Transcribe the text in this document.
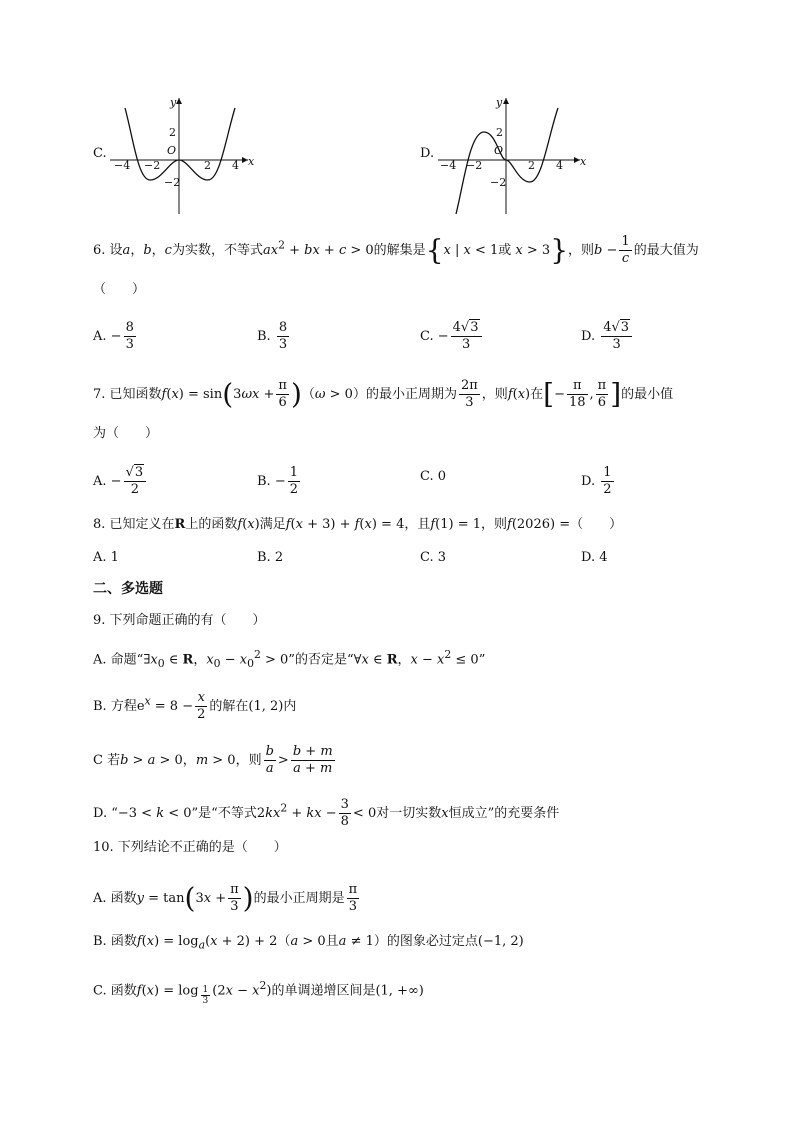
C.
y
x
O
−4 −2	2 4
2
−2
D.
y
x
O
−4 −2	2 4
2
−2
6. 设a，b，c为实数，不等式$ax^2$ + bx + c > 0的解集是{x | x < 1或 x > 3}，则$b - \frac{1}{c}$ 的最大值为
（　　）
A. − $\frac{8}{3}$	B. $\frac{8}{3}$	C. − $\frac{4√3}{3}$	D. $\frac{4√3}{3}$
7. 已知函数$f(x) = \sin(3\omega x + \frac{\pi}{6} )(\omega > 0)$的最小正周期为 $\frac{2\pi}{3}$ ，则f(x)在[− $\frac{\pi}{18}$ , $\frac{\pi}{6}$ ]的最小值
为（　　）
A. − $\frac{√3}{2}$	B. − $\frac{1}{2}$	C. 0	D. $\frac{1}{2}$
8. 已知定义在R上的函数f(x)满足f(x + 3) + f(x) = 4，且f(1) = 1，则f(2026) =（　　）
A. 1	B. 2	C. 3	D. 4
二、多选题
9. 下列命题正确的有（　　）
A. 命题“$\exists x_0$ ∈ R，$x_0 - x_0^2 > 0$”的否定是“∀x ∈ R，$x - x^2 \le 0$”
B. 方程$e^x = 8 - \frac{x}{2}$ 的解在(1, 2)内
C 若b > a > 0，m > 0，则 $\frac{b}{a} > \frac{b + m}{a + m}$
D. “−3 < k < 0”是“不等式$2kx^2$ + kx − $\frac{3}{8} < 0$对一切实数x恒成立”的充要条件
10. 下列结论不正确的是（　　）
A. 函数$y = \tan(3x + \frac{\pi}{3}$ )的最小正周期是 $\frac{\pi}{3}$
B. 函数$f(x) = \log_a(x + 2) + 2(a > 0$且a ≠ 1）的图象必过定点(−1, 2)
C. 函数f(x) = log $_{\frac{1}{3}}$ $(2x - x^2)$的单调递增区间是(1, +∞)
